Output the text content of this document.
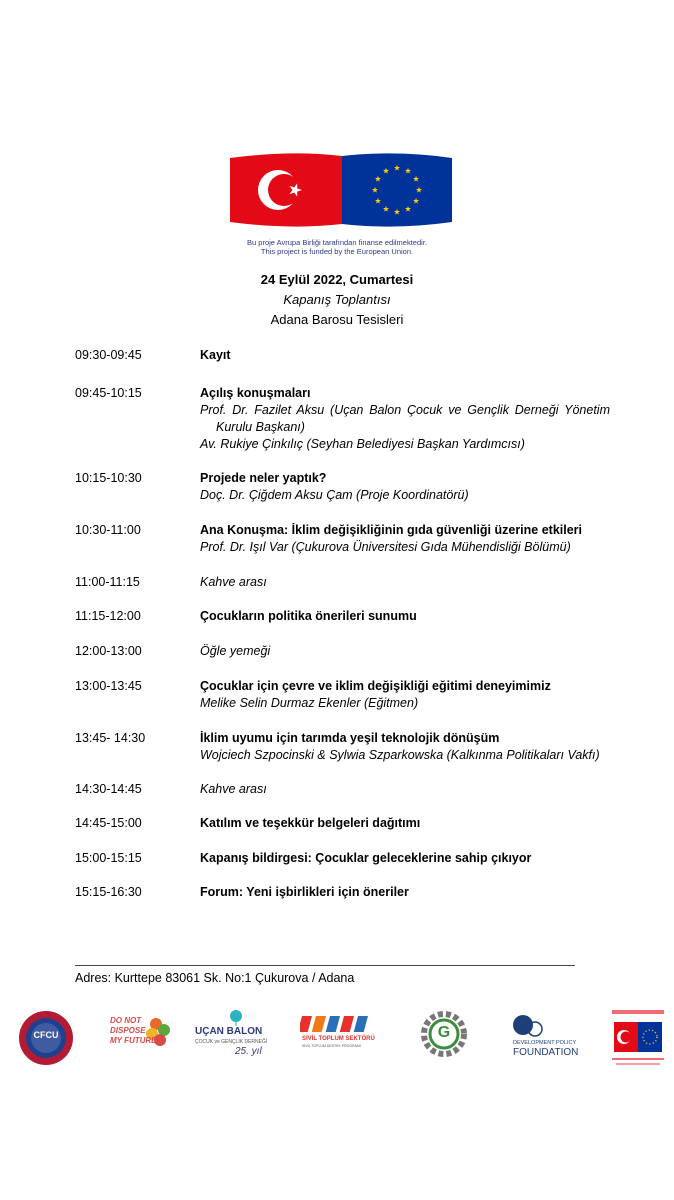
Bu proje Avrupa Birliği tarafından finanse edilmektedir.
This project is funded by the European Union.
24 Eylül 2022, Cumartesi
Kapanış Toplantısı
Adana Barosu Tesisleri
09:30-09:45	Kayıt
09:45-10:15	Açılış konuşmaları
Prof. Dr. Fazilet Aksu (Uçan Balon Çocuk ve Gençlik Derneği Yönetim
Kurulu Başkanı)
Av. Rukiye Çinkılıç (Seyhan Belediyesi Başkan Yardımcısı)
10:15-10:30	Projede neler yaptık?
Doç. Dr. Çiğdem Aksu Çam (Proje Koordinatörü)
10:30-11:00	Ana Konuşma: İklim değişikliğinin gıda güvenliği üzerine etkileri
Prof. Dr. Işıl Var (Çukurova Üniversitesi Gıda Mühendisliği Bölümü)
11:00-11:15	Kahve arası
11:15-12:00	Çocukların politika önerileri sunumu
12:00-13:00	Öğle yemeği
13:00-13:45	Çocuklar için çevre ve iklim değişikliği eğitimi deneyimimiz
Melike Selin Durmaz Ekenler (Eğitmen)
13:45- 14:30	İklim uyumu için tarımda yeşil teknolojik dönüşüm
Wojciech Szpocinski & Sylwia Szparkowska (Kalkınma Politikaları Vakfı)
14:30-14:45	Kahve arası
14:45-15:00	Katılım ve teşekkür belgeleri dağıtımı
15:00-15:15	Kapanış bildirgesi: Çocuklar geleceklerine sahip çıkıyor
15:15-16:30	Forum: Yeni işbirlikleri için öneriler
Adres: Kurttepe 83061 Sk. No:1 Çukurova / Adana
CFCU
DO NOT
DISPOSE
MY FUTURE!
UÇAN BALON
ÇOCUK ve GENÇLİK DERNEĞİ
25. yıl
SİVİL TOPLUM SEKTÖRÜ
SİVİL TOPLUM DESTEK PROGRAMI
G
DEVELOPMENT POLICY
FOUNDATION
